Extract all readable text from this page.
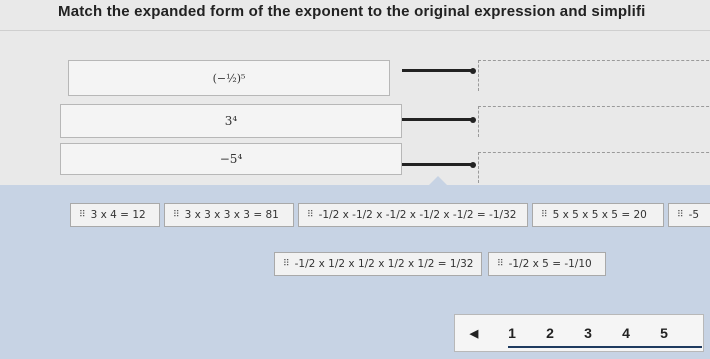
Match the expanded form of the exponent to the original expression and simplifi
(−½)⁵
3⁴
−5⁴
⠿ 3 x 4 = 12	⠿ 3 x 3 x 3 x 3 = 81	⠿ -1/2 x -1/2 x -1/2 x -1/2 x -1/2 = -1/32	⠿ 5 x 5 x 5 x 5 = 20	⠿ -5
⠿ -1/2 x 1/2 x 1/2 x 1/2 x 1/2 = 1/32	⠿ -1/2 x 5 = -1/10
◀	1	2	3	4	5
